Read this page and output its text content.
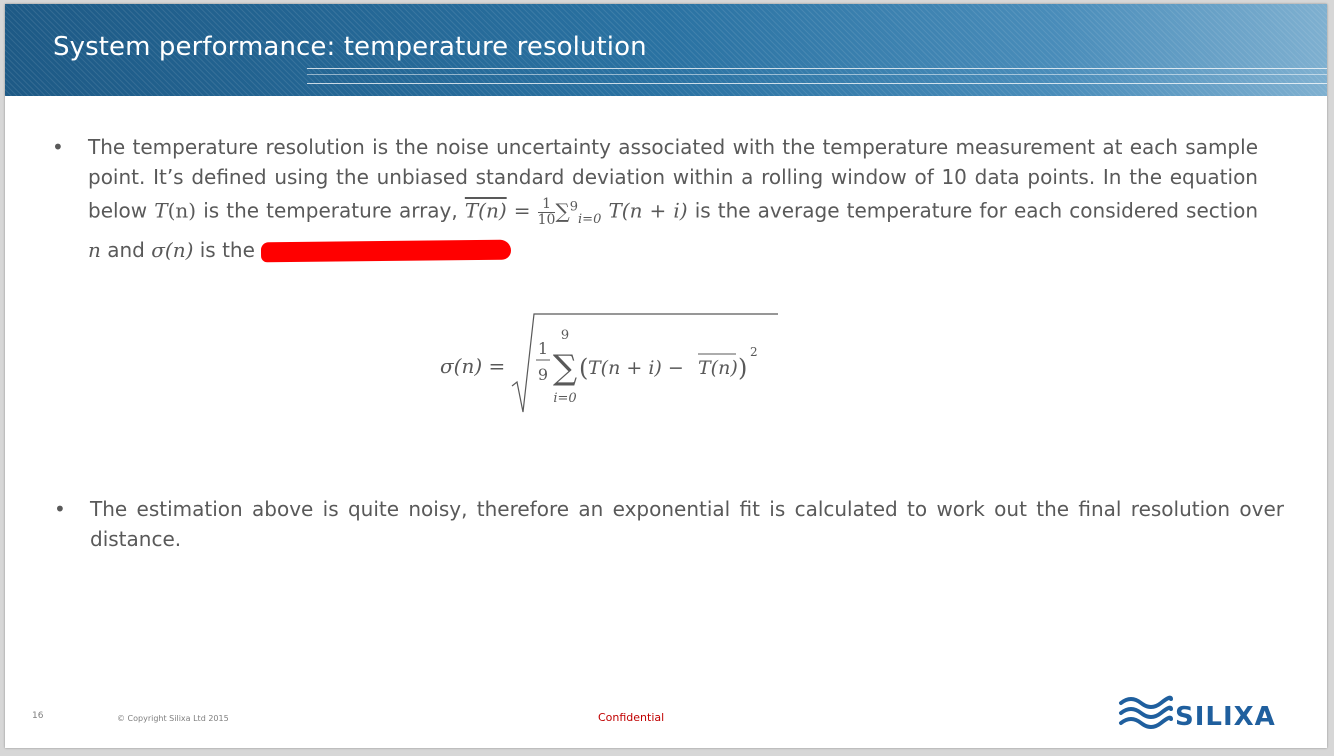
System performance: temperature resolution
• The temperature resolution is the noise uncertainty associated with the temperature measurement at each sample point. It’s defined using the unbiased standard deviation within a rolling window of 10 data points. In the equation below T(n) is the temperature array, $T(n) = \frac{1}{10} \sum^9_{i=0}$ T(n + i) is the average temperature for each considered section n and σ(n) is the
σ(n) =
1
9
9
∑
i=0
( T(n + i) − T(n) )
2
• The estimation above is quite noisy, therefore an exponential fit is calculated to work out the final resolution over distance.
16	© Copyright Silixa Ltd 2015	Confidential	SILIXA
